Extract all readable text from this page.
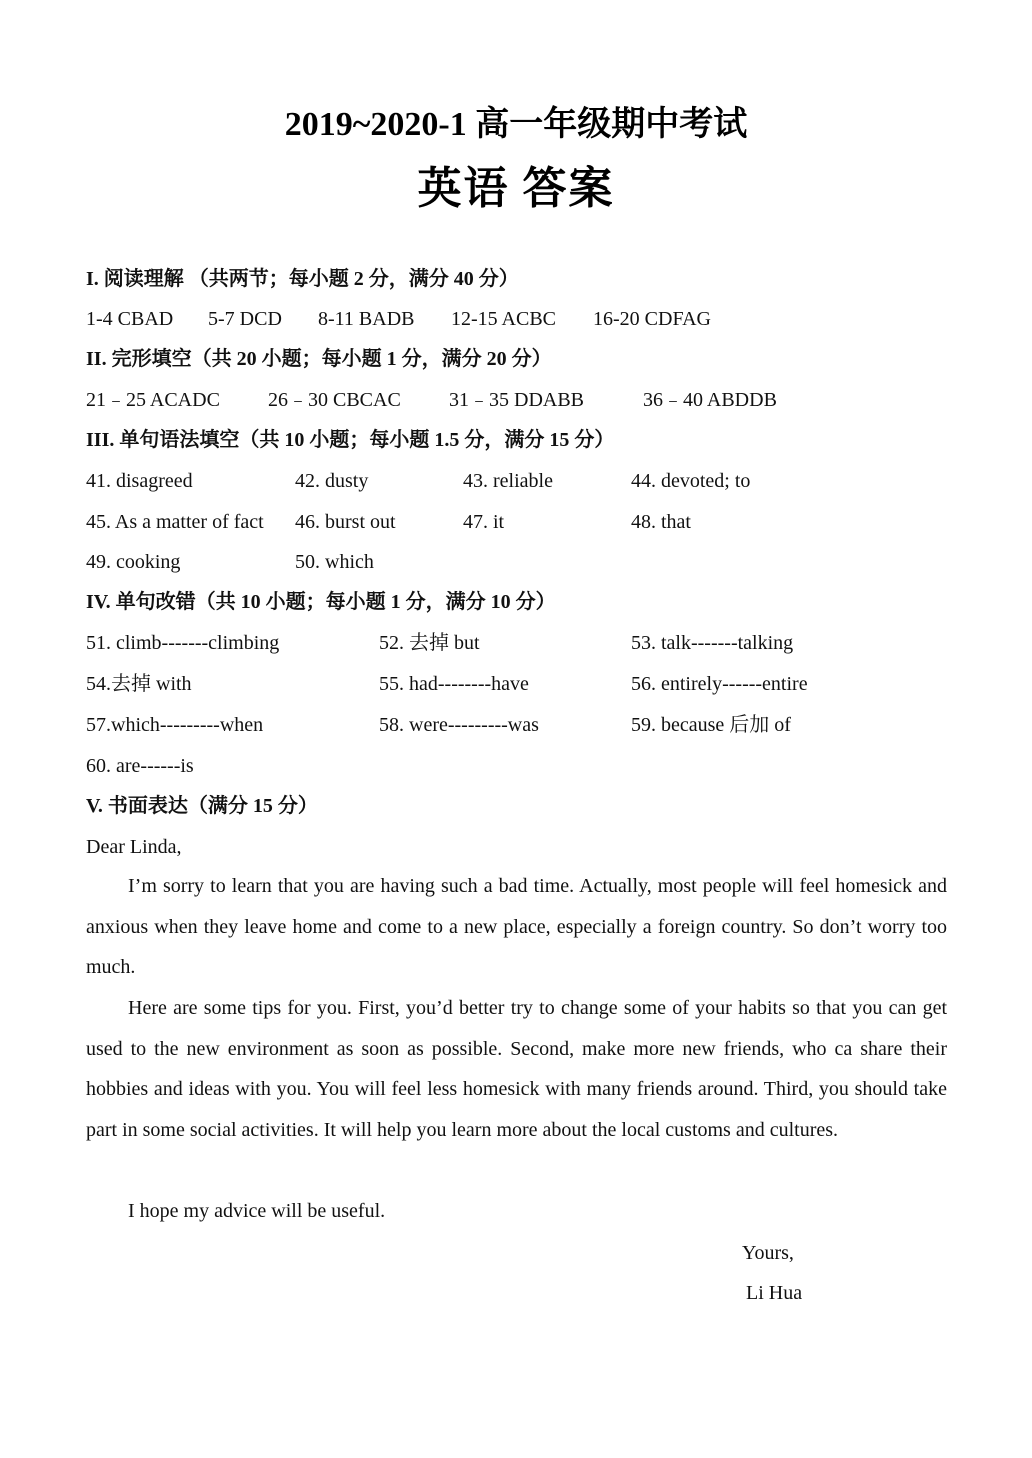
2019~2020-1 高一年级期中考试
英语 答案
I. 阅读理解 （共两节；每小题 2 分，满分 40 分）
1-4 CBAD 5-7 DCD 8-11 BADB 12-15 ACBC 16-20 CDFAG
II. 完形填空（共 20 小题；每小题 1 分，满分 20 分）
21﹣25 ACADC 26﹣30 CBCAC 31﹣35 DDABB	36﹣40 ABDDB
III. 单句语法填空（共 10 小题；每小题 1.5 分，满分 15 分）
41. disagreed	42. dusty	43. reliable	44. devoted; to
45. As a matter of fact 46. burst out	47. it	48. that
49. cooking	50. which
IV. 单句改错（共 10 小题；每小题 1 分，满分 10 分）
51. climb-------climbing	52. 去掉 but	53. talk-------talking
54.去掉 with	55. had--------have	56. entirely------entire
57.which---------when	58. were---------was	59. because 后加 of
60. are------is
V. 书面表达（满分 15 分）
Dear Linda,
I’m sorry to learn that you are having such a bad time. Actually, most people will feel homesick and anxious when they leave home and come to a new place, especially a foreign country. So don’t worry too much.
Here are some tips for you. First, you’d better try to change some of your habits so that you can get used to the new environment as soon as possible. Second, make more new friends, who ca share their hobbies and ideas with you. You will feel less homesick with many friends around. Third, you should take part in some social activities. It will help you learn more about the local customs and cultures.
I hope my advice will be useful.
Yours,
Li Hua
